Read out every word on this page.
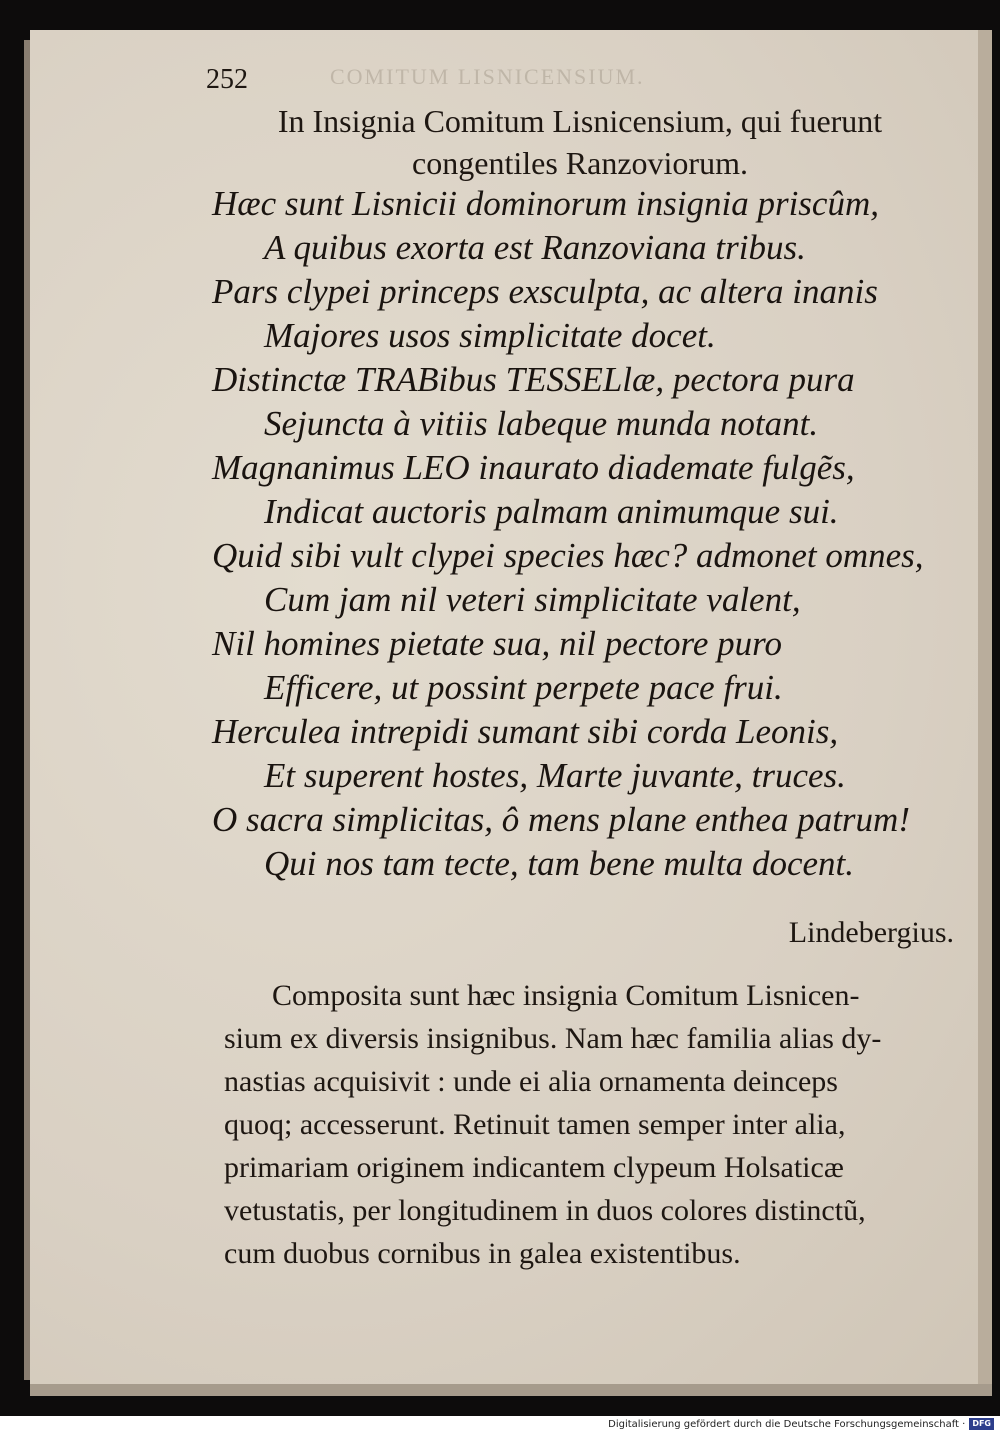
COMITUM LISNICENSIUM.
252
In Insignia Comitum Lisnicensium, qui fuerunt
congentiles Ranzoviorum.
Hæc sunt Lisnicii dominorum insignia priscûm,
A quibus exorta est Ranzoviana tribus.
Pars clypei princeps exsculpta, ac altera inanis
Majores usos simplicitate docet.
Distinctæ TRABibus TESSELlæ, pectora pura
Sejuncta à vitiis labeque munda notant.
Magnanimus LEO inaurato diademate fulgẽs,
Indicat auctoris palmam animumque sui.
Quid sibi vult clypei species hæc? admonet omnes,
Cum jam nil veteri simplicitate valent,
Nil homines pietate sua, nil pectore puro
Efficere, ut possint perpete pace frui.
Herculea intrepidi sumant sibi corda Leonis,
Et superent hostes, Marte juvante, truces.
O sacra simplicitas, ô mens plane enthea patrum!
Qui nos tam tecte, tam bene multa docent.
Lindebergius.
Composita sunt hæc insignia Comitum Lisnicen-
sium ex diversis insignibus. Nam hæc familia alias dy-
nastias acquisivit : unde ei alia ornamenta deinceps
quoq; accesserunt. Retinuit tamen semper inter alia,
primariam originem indicantem clypeum Holsaticæ
vetustatis, per longitudinem in duos colores distinctũ,
cum duobus cornibus in galea existentibus.
Digitalisierung gefördert durch die Deutsche Forschungsgemeinschaft · DFG
